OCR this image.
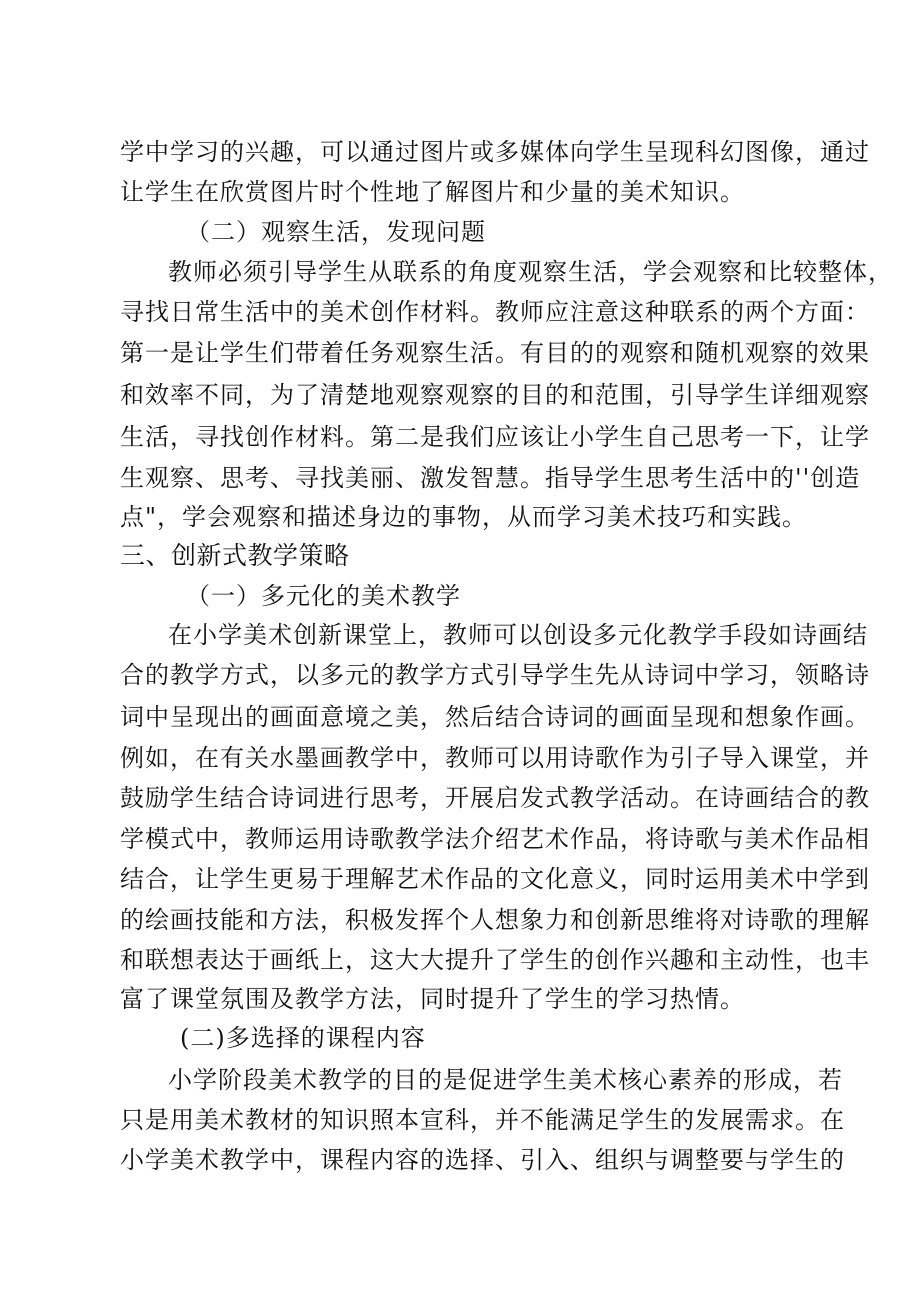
学中学习的兴趣，可以通过图片或多媒体向学生呈现科幻图像，通过
让学生在欣赏图片时个性地了解图片和少量的美术知识。
（二）观察生活，发现问题
教师必须引导学生从联系的角度观察生活，学会观察和比较整体，
寻找日常生活中的美术创作材料。教师应注意这种联系的两个方面：
第一是让学生们带着任务观察生活。有目的的观察和随机观察的效果
和效率不同，为了清楚地观察观察的目的和范围，引导学生详细观察
生活，寻找创作材料。第二是我们应该让小学生自己思考一下，让学
生观察、思考、寻找美丽、激发智慧。指导学生思考生活中的''创造
点"，学会观察和描述身边的事物，从而学习美术技巧和实践。
三、创新式教学策略
（一）多元化的美术教学
在小学美术创新课堂上，教师可以创设多元化教学手段如诗画结
合的教学方式，以多元的教学方式引导学生先从诗词中学习，领略诗
词中呈现出的画面意境之美，然后结合诗词的画面呈现和想象作画。
例如，在有关水墨画教学中，教师可以用诗歌作为引子导入课堂，并
鼓励学生结合诗词进行思考，开展启发式教学活动。在诗画结合的教
学模式中，教师运用诗歌教学法介绍艺术作品，将诗歌与美术作品相
结合，让学生更易于理解艺术作品的文化意义，同时运用美术中学到
的绘画技能和方法，积极发挥个人想象力和创新思维将对诗歌的理解
和联想表达于画纸上，这大大提升了学生的创作兴趣和主动性，也丰
富了课堂氛围及教学方法，同时提升了学生的学习热情。
(二)多选择的课程内容
小学阶段美术教学的目的是促进学生美术核心素养的形成，若
只是用美术教材的知识照本宣科，并不能满足学生的发展需求。在
小学美术教学中，课程内容的选择、引入、组织与调整要与学生的
